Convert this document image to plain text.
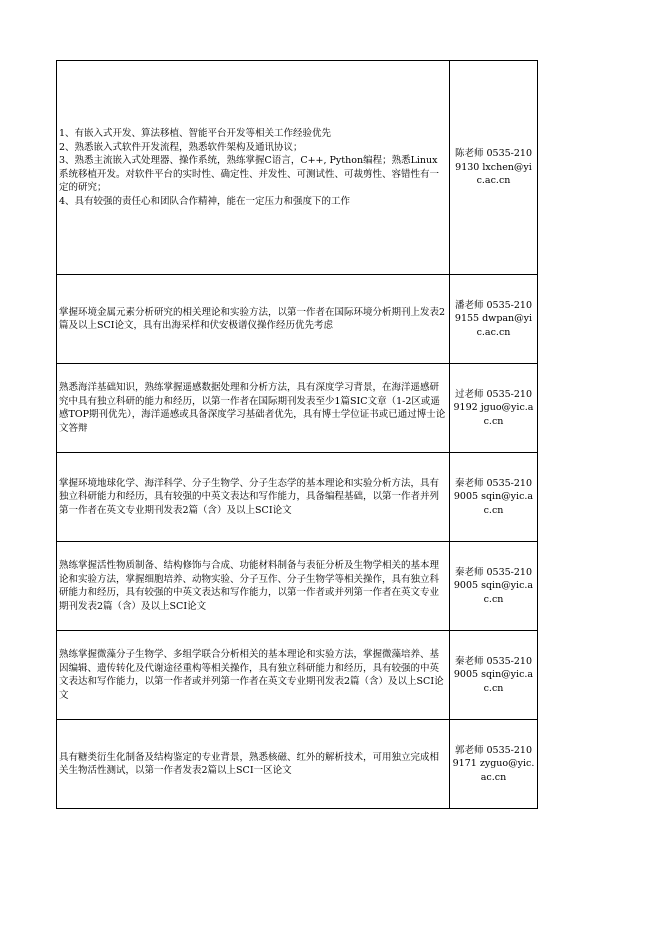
1、有嵌入式开发、算法移植、智能平台开发等相关工作经验优先
2、熟悉嵌入式软件开发流程，熟悉软件架构及通讯协议；
3、熟悉主流嵌入式处理器、操作系统，熟练掌握C语言，C++, Python编程；熟悉Linux系统移植开发。对软件平台的实时性、确定性、并发性、可测试性、可裁剪性、容错性有一定的研究；
4、具有较强的责任心和团队合作精神，能在一定压力和强度下的工作	陈老师 0535-2109130 lxchen@yic.ac.cn
掌握环境金属元素分析研究的相关理论和实验方法，以第一作者在国际环境分析期刊上发表2篇及以上SCI论文，具有出海采样和伏安极谱仪操作经历优先考虑	潘老师 0535-2109155 dwpan@yic.ac.cn
熟悉海洋基础知识，熟练掌握遥感数据处理和分析方法，具有深度学习背景，在海洋遥感研究中具有独立科研的能力和经历，以第一作者在国际期刊发表至少1篇SIC文章（1-2区或遥感TOP期刊优先），海洋遥感或具备深度学习基础者优先，具有博士学位证书或已通过博士论文答辩	过老师 0535-2109192 jguo@yic.ac.cn
掌握环境地球化学、海洋科学、分子生物学、分子生态学的基本理论和实验分析方法，具有独立科研能力和经历，具有较强的中英文表达和写作能力，具备编程基础，以第一作者并列第一作者在英文专业期刊发表2篇（含）及以上SCI论文	秦老师 0535-2109005 sqin@yic.ac.cn
熟练掌握活性物质制备、结构修饰与合成、功能材料制备与表征分析及生物学相关的基本理论和实验方法，掌握细胞培养、动物实验、分子互作、分子生物学等相关操作，具有独立科研能力和经历，具有较强的中英文表达和写作能力，以第一作者或并列第一作者在英文专业期刊发表2篇（含）及以上SCI论文	秦老师 0535-2109005 sqin@yic.ac.cn
熟练掌握微藻分子生物学、多组学联合分析相关的基本理论和实验方法，掌握微藻培养、基因编辑、遗传转化及代谢途径重构等相关操作，具有独立科研能力和经历，具有较强的中英文表达和写作能力，以第一作者或并列第一作者在英文专业期刊发表2篇（含）及以上SCI论文	秦老师 0535-2109005 sqin@yic.ac.cn
具有糖类衍生化制备及结构鉴定的专业背景，熟悉核磁、红外的解析技术，可用独立完成相关生物活性测试，以第一作者发表2篇以上SCI一区论文	郭老师 0535-2109171 zyguo@yic.ac.cn
